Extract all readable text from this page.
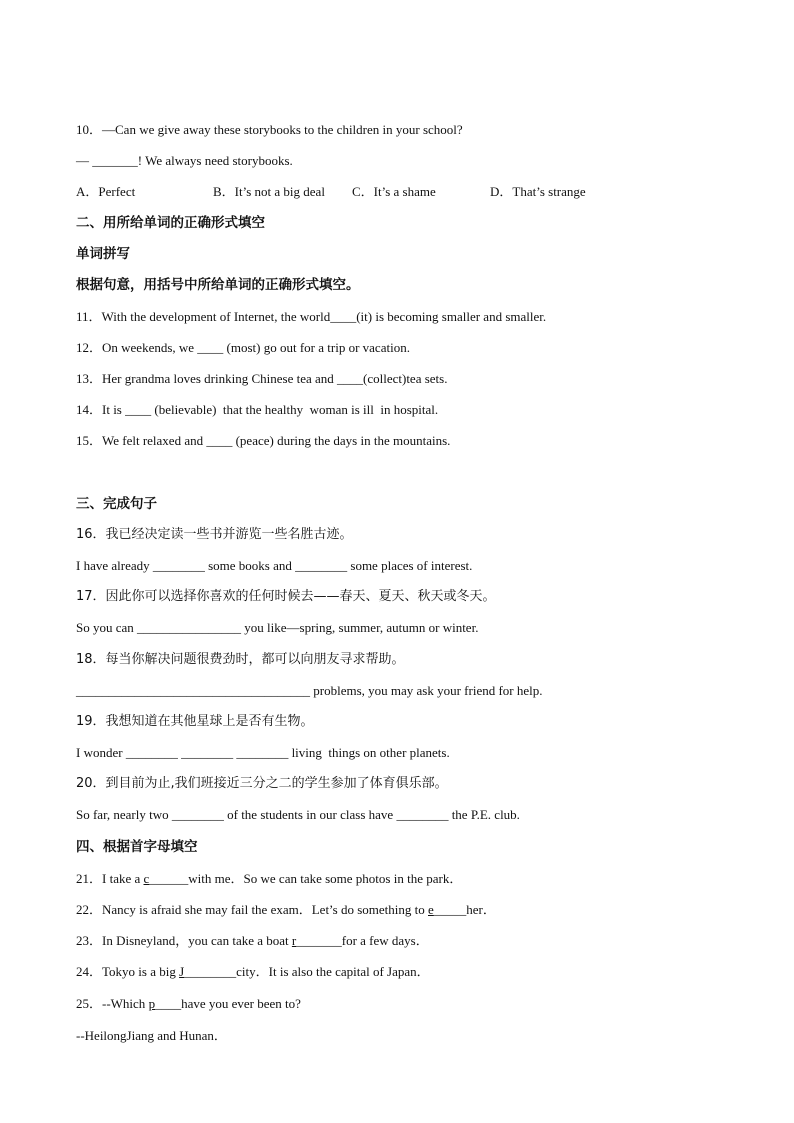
10．—Can we give away these storybooks to the children in your school?
— _______! We always need storybooks.
A．Perfect	B．It’s not a big deal C．It’s a shame	D．That’s strange
二、用所给单词的正确形式填空
单词拼写
根据句意，用括号中所给单词的正确形式填空。
11．With the development of Internet, the world____(it) is becoming smaller and smaller.
12．On weekends, we ____ (most) go out for a trip or vacation.
13．Her grandma loves drinking Chinese tea and ____(collect)tea sets.
14．It is ____ (believable)  that the healthy  woman is ill  in hospital.
15．We felt relaxed and ____ (peace) during the days in the mountains.
三、完成句子
16．我已经决定读一些书并游览一些名胜古迹。
I have already ________ some books and ________ some places of interest.
17．因此你可以选择你喜欢的任何时候去——春天、夏天、秋天或冬天。
So you can ________________ you like—spring, summer, autumn or winter.
18．每当你解决问题很费劲时，都可以向朋友寻求帮助。
____________________________________ problems, you may ask your friend for help.
19．我想知道在其他星球上是否有生物。
I wonder ________ ________ ________ living  things on other planets.
20．到目前为止,我们班接近三分之二的学生参加了体育俱乐部。
So far, nearly two ________ of the students in our class have ________ the P.E. club.
四、根据首字母填空
21．I take a c______with me．So we can take some photos in the park．
22．Nancy is afraid she may fail the exam．Let’s do something to e_____her．
23．In Disneyland，you can take a boat r_______for a few days．
24．Tokyo is a big J________city．It is also the capital of Japan．
25．--Which p____have you ever been to?
--HeilongJiang and Hunan．
